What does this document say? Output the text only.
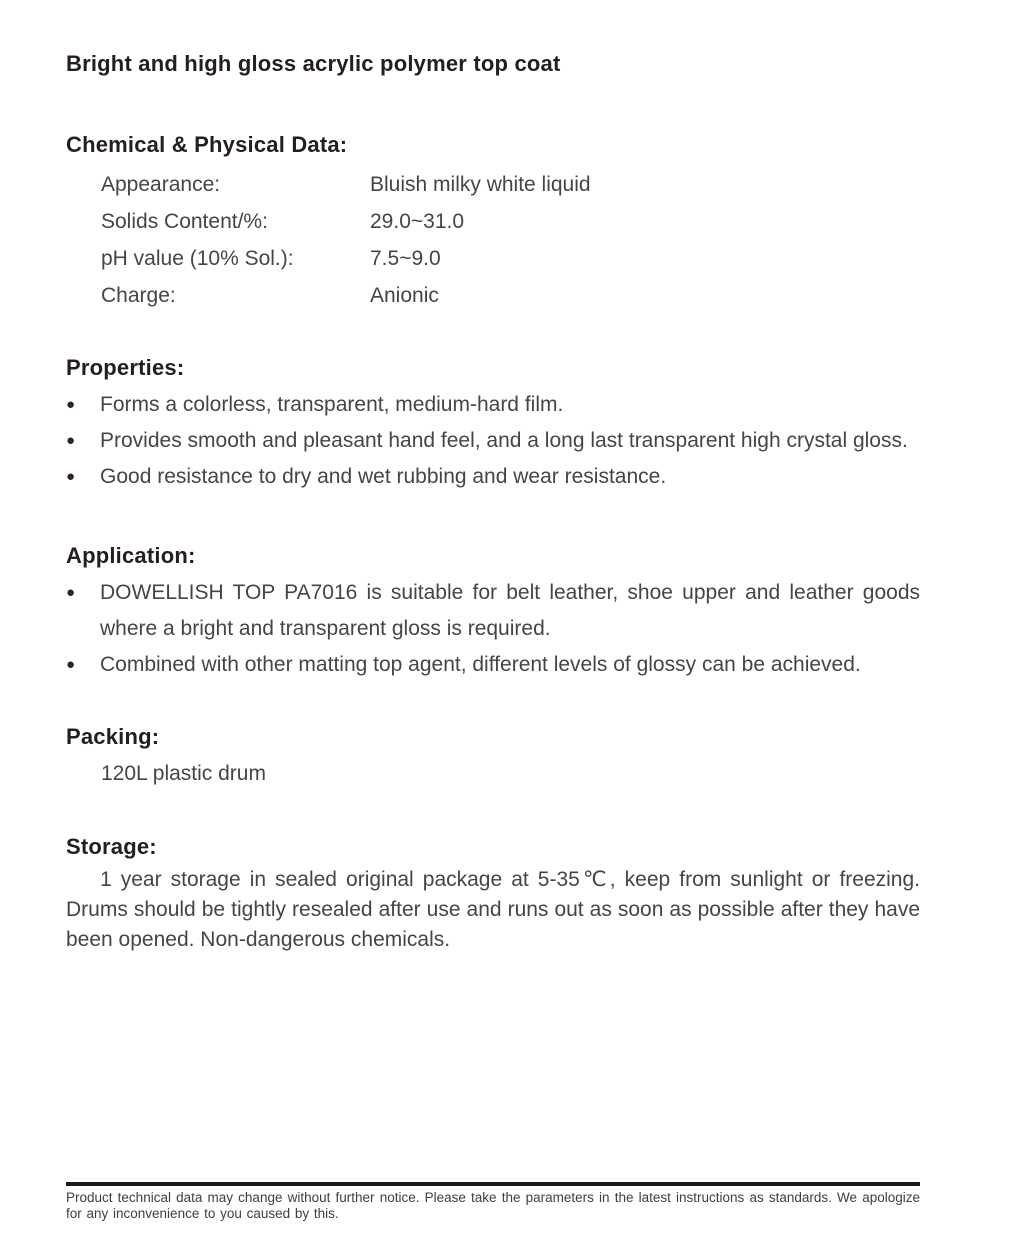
Bright and high gloss acrylic polymer top coat
Chemical & Physical Data:
Appearance:	Bluish milky white liquid
Solids Content/%:	29.0~31.0
pH value (10% Sol.):	7.5~9.0
Charge:	Anionic
Properties:
●	Forms a colorless, transparent, medium-hard film.
●	Provides smooth and pleasant hand feel, and a long last transparent high crystal gloss.
●	Good resistance to dry and wet rubbing and wear resistance.
Application:
●	DOWELLISH TOP PA7016 is suitable for belt leather, shoe upper and leather goods where a bright and transparent gloss is required.
●	Combined with other matting top agent, different levels of glossy can be achieved.
Packing:
120L plastic drum
Storage:

1 year storage in sealed original package at 5-35℃, keep from sunlight or freezing. Drums should be tightly resealed after use and runs out as soon as possible after they have been opened. Non-dangerous chemicals.

Product technical data may change without further notice. Please take the parameters in the latest instructions as standards. We apologize for any inconvenience to you caused by this.
